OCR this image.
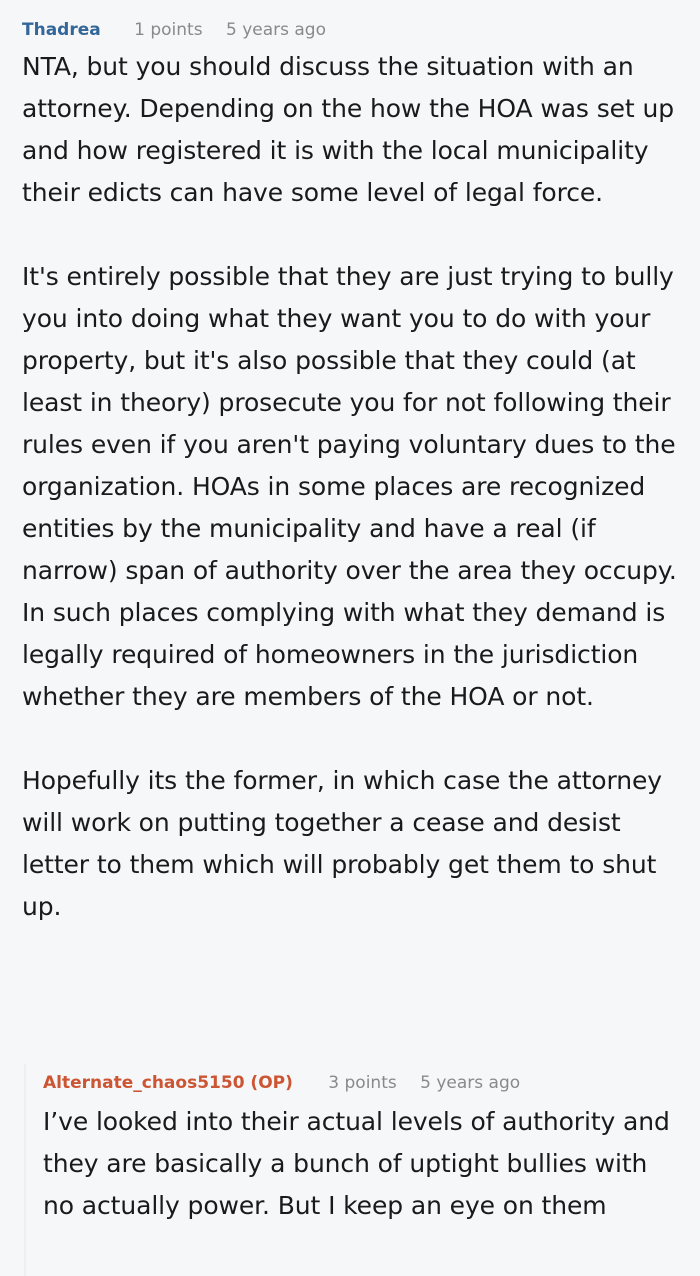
Thadrea 1 points 5 years ago

NTA, but you should discuss the situation with an attorney. Depending on the how the HOA was set up and how registered it is with the local municipality their edicts can have some level of legal force.

It's entirely possible that they are just trying to bully you into doing what they want you to do with your property, but it's also possible that they could (at least in theory) prosecute you for not following their rules even if you aren't paying voluntary dues to the organization. HOAs in some places are recognized entities by the municipality and have a real (if narrow) span of authority over the area they occupy. In such places complying with what they demand is legally required of homeowners in the jurisdiction whether they are members of the HOA or not.

Hopefully its the former, in which case the attorney will work on putting together a cease and desist letter to them which will probably get them to shut up.

Alternate_chaos5150 (OP) 3 points 5 years ago

I’ve looked into their actual levels of authority and they are basically a bunch of uptight bullies with no actually power. But I keep an eye on them
